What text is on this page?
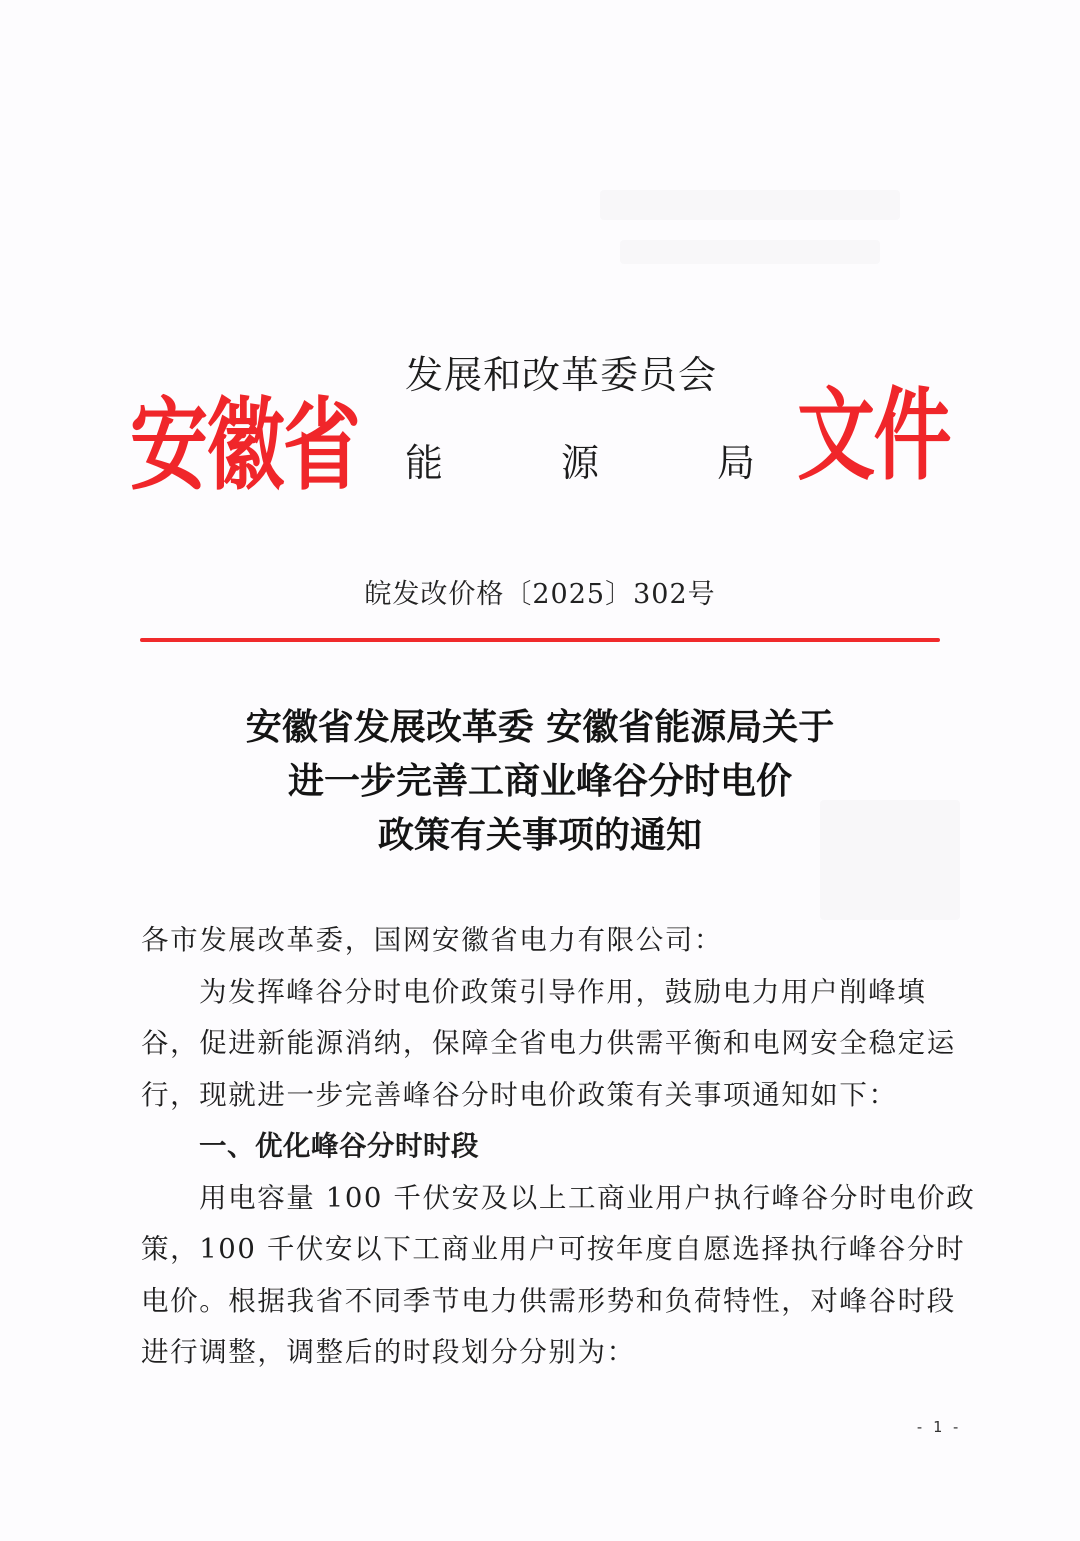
安徽省
发展和改革委员会
能	源	局 文件
皖发改价格〔2025〕302号
安徽省发展改革委 安徽省能源局关于
进一步完善工商业峰谷分时电价
政策有关事项的通知
各市发展改革委，国网安徽省电力有限公司：
为发挥峰谷分时电价政策引导作用，鼓励电力用户削峰填
谷，促进新能源消纳，保障全省电力供需平衡和电网安全稳定运
行，现就进一步完善峰谷分时电价政策有关事项通知如下：
一、优化峰谷分时时段
用电容量 100 千伏安及以上工商业用户执行峰谷分时电价政
策，100 千伏安以下工商业用户可按年度自愿选择执行峰谷分时
电价。根据我省不同季节电力供需形势和负荷特性，对峰谷时段
进行调整，调整后的时段划分分别为：
- 1 -
